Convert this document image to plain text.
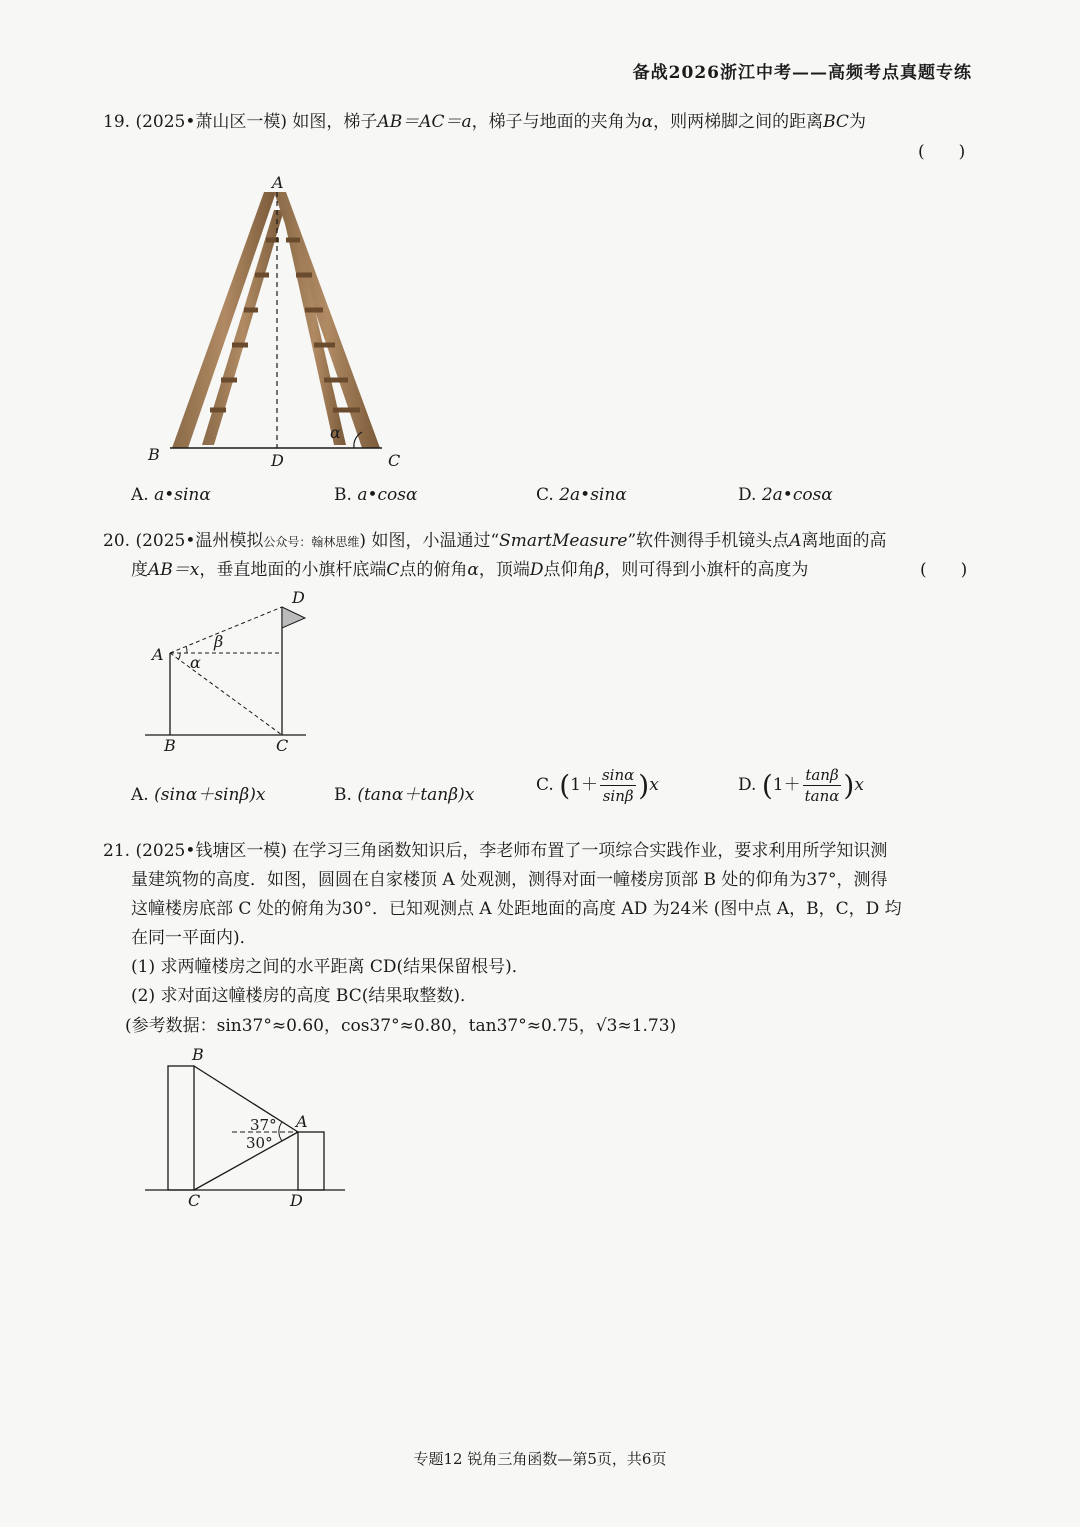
备战2026浙江中考——高频考点真题专练
19. (2025•萧山区一模) 如图，梯子AB＝AC＝a，梯子与地面的夹角为α，则两梯脚之间的距离BC为
(　　)
A
B	D	C
α
A. a•sinα	B. a•cosα	C. 2a•sinα	D. 2a•cosα
20. (2025•温州模拟公众号：翰林思维) 如图，小温通过“SmartMeasure”软件测得手机镜头点A离地面的高
度AB＝x，垂直地面的小旗杆底端C点的俯角α，顶端D点仰角β，则可得到小旗杆的高度为	(　　)
A
B	C
D
α
β
A. (sinα＋sinβ)x	B. (tanα＋tanβ)x	C. $(1+ \frac{\sin\alpha}{\sin\beta} )x$	D. $(1+ \frac{\tan\beta}{\tan\alpha} )x$
21. (2025•钱塘区一模) 在学习三角函数知识后，李老师布置了一项综合实践作业，要求利用所学知识测
量建筑物的高度．如图，圆圆在自家楼顶 A 处观测，测得对面一幢楼房顶部 B 处的仰角为37°，测得
这幢楼房底部 C 处的俯角为30°．已知观测点 A 处距地面的高度 AD 为24米 (图中点 A，B，C，D 均
在同一平面内)．
(1) 求两幢楼房之间的水平距离 CD(结果保留根号)．
(2) 求对面这幢楼房的高度 BC(结果取整数)．
(参考数据：sin37°≈0.60，cos37°≈0.80，tan37°≈0.75，√3≈1.73)
B
C	D
A
37°
30°
专题12 锐角三角函数—第5页，共6页
